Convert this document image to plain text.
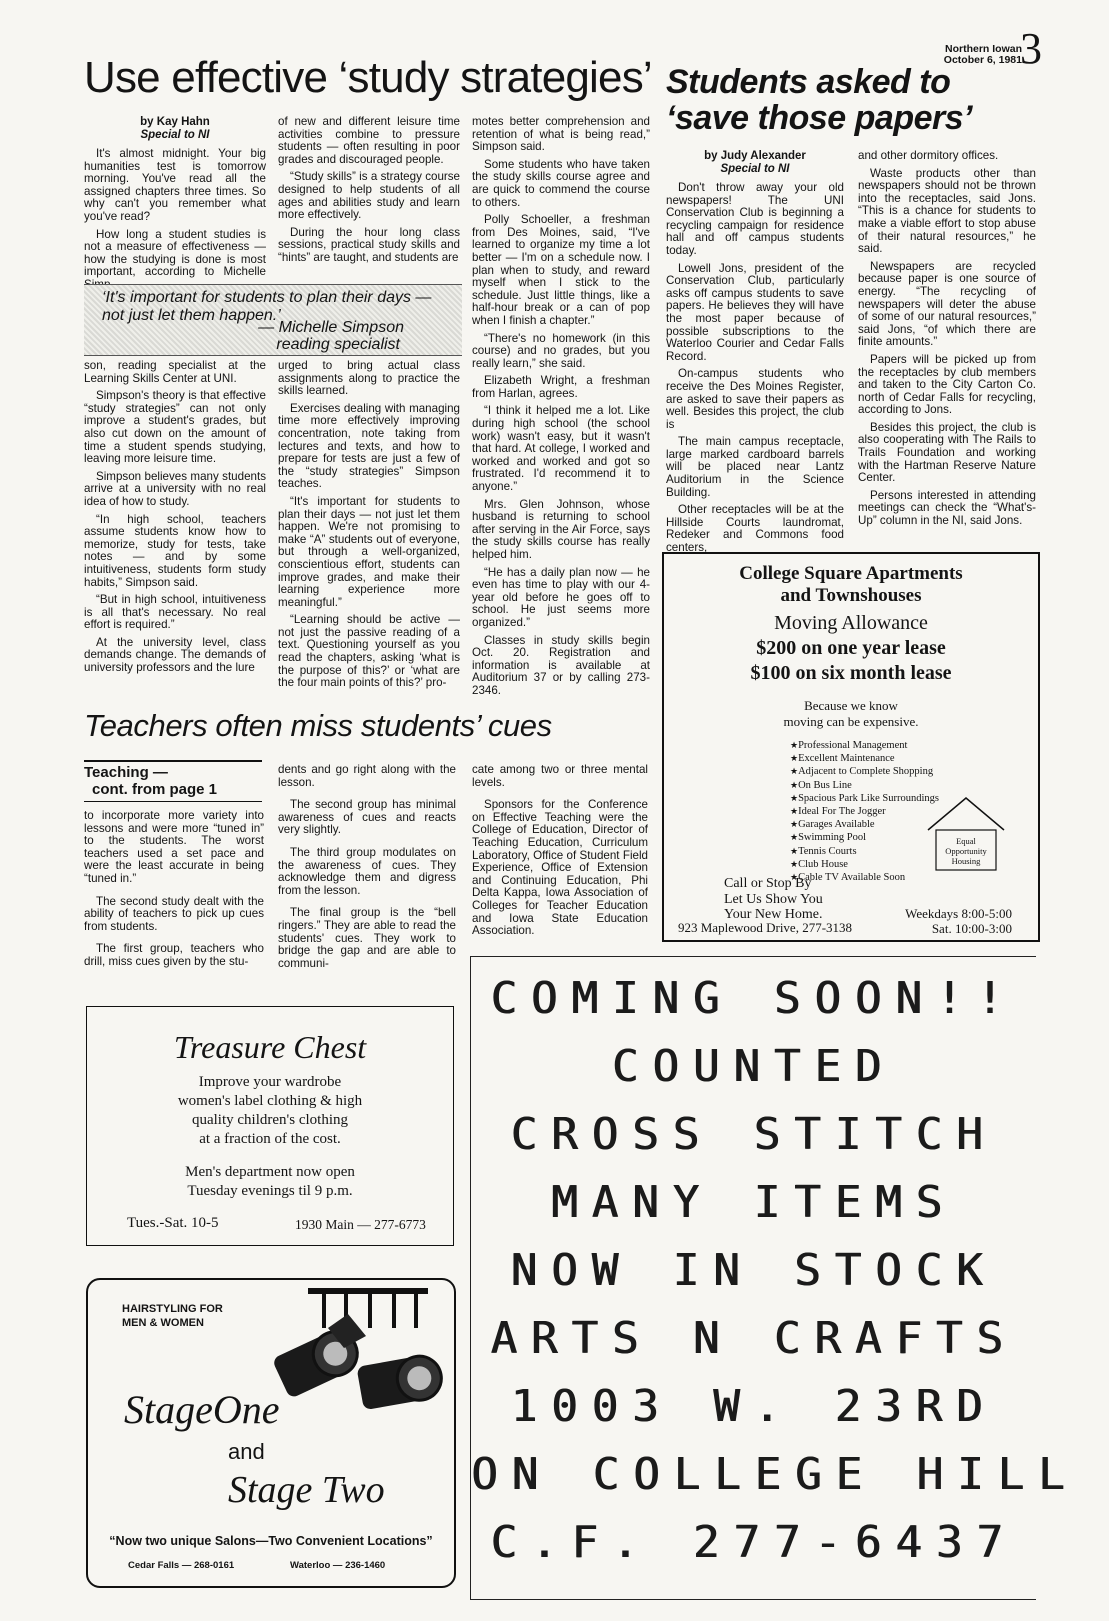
Northern Iowan
October 6, 1981
3
Use effective ‘study strategies’
by Kay Hahn
Special to NI

It's almost midnight. Your big humanities test is tomorrow morning. You've read all the assigned chapters three times. So why can't you remember what you've read?

How long a student studies is not a measure of effectiveness — how the studying is done is most important, according to Michelle

of new and different leisure time activities combine to pressure students — often resulting in poor grades and discouraged people.

“Study skills” is a strategy course designed to help students of all ages and abilities study and learn more effectively.

During the hour long class sessions, practical study skills and “hints” are taught, and students are

‘It's important for students to plan their days — not just let them happen.’
— Michelle Simpson
reading specialist

son, reading specialist at the Learning Skills Center at UNI.

Simpson's theory is that effective “study strategies” can not only improve a student's grades, but also cut down on the amount of time a student spends studying, leaving more leisure time.

Simpson believes many students arrive at a university with no real idea of how to study.

“In high school, teachers assume students know how to memorize, study for tests, take notes — and by some intuitiveness, students form study habits,” Simpson said.

“But in high school, intuitiveness is all that's necessary. No real effort is required.”

At the university level, class demands change. The demands of university professors and the lure

urged to bring actual class assignments along to practice the skills learned.

Exercises dealing with managing time more effectively improving concentration, note taking from lectures and texts, and how to prepare for tests are just a few of the “study strategies” Simpson teaches.

“It's important for students to plan their days — not just let them happen. We're not promising to make “A” students out of everyone, but through a well-organized, conscientious effort, students can improve grades, and make their learning experience more meaningful.”

“Learning should be active — not just the passive reading of a text. Questioning yourself as you read the chapters, asking ‘what is the purpose of this?’ or ‘what are the four main points of this?’ pro-

motes better comprehension and retention of what is being read,” Simpson said.

Some students who have taken the study skills course agree and are quick to commend the course to others.

Polly Schoeller, a freshman from Des Moines, said, “I've learned to organize my time a lot better — I'm on a schedule now. I plan when to study, and reward myself when I stick to the schedule. Just little things, like a half-hour break or a can of pop when I finish a chapter.”

“There's no homework (in this course) and no grades, but you really learn,” she said.

Elizabeth Wright, a freshman from Harlan, agrees.

“I think it helped me a lot. Like during high school (the school work) wasn't easy, but it wasn't that hard. At college, I worked and worked and worked and got so frustrated. I'd recommend it to anyone.”

Mrs. Glen Johnson, whose husband is returning to school after serving in the Air Force, says the study skills course has really helped him.

“He has a daily plan now — he even has time to play with our 4-year old before he goes off to school. He just seems more organized.”

Classes in study skills begin Oct. 20. Registration and information is available at Auditorium 37 or by calling 273-2346.

Students asked to ‘save those papers’
by Judy Alexander
Special to NI

Don't throw away your old newspapers! The UNI Conservation Club is beginning a recycling campaign for residence hall and off campus students today.

Lowell Jons, president of the Conservation Club, particularly asks off campus students to save papers. He believes they will have the most paper because of possible subscriptions to the Waterloo Courier and Cedar Falls Record.

On-campus students who receive the Des Moines Register, are asked to save their papers as well. Besides this project, the club is

The main campus receptacle, large marked cardboard barrels will be placed near Lantz Auditorium in the Science Building.

Other receptacles will be at the Hillside Courts laundromat, Redeker and Commons food centers,

and other dormitory offices.

Waste products other than newspapers should not be thrown into the receptacles, said Jons. “This is a chance for students to make a viable effort to stop abuse of their natural resources,” he said.

Newspapers are recycled because paper is one source of energy. “The recycling of newspapers will deter the abuse of some of our natural resources,” said Jons, “of which there are finite amounts.”

Papers will be picked up from the receptacles by club members and taken to the City Carton Co. north of Cedar Falls for recycling, according to Jons.

Besides this project, the club is also cooperating with The Rails to Trails Foundation and working with the Hartman Reserve Nature Center.

Persons interested in attending meetings can check the “What's-Up” column in the NI, said Jons.

College Square Apartments
and Townshouses
Moving Allowance
$200 on one year lease
$100 on six month lease
Because we know
moving can be expensive.
★ Professional Management
★ Excellent Maintenance
★ Adjacent to Complete Shopping
★ On Bus Line
★ Spacious Park Like Surroundings
★ Ideal For The Jogger
★ Garages Available
★ Swimming Pool
★ Tennis Courts
★ Club House
★ Cable TV Available Soon
Equal
Opportunity
Housing
Call or Stop By
Let Us Show You
Your New Home.
923 Maplewood Drive, 277-3138
Weekdays 8:00-5:00
Sat. 10:00-3:00
Teachers often miss students’ cues
Teaching —
cont. from page 1

to incorporate more variety into lessons and were more “tuned in” to the students. The worst teachers used a set pace and were the least accurate in being “tuned in.”

The second study dealt with the ability of teachers to pick up cues from students.

The first group, teachers who drill, miss cues given by the stu-

dents and go right along with the lesson.

The second group has minimal awareness of cues and reacts very slightly.

The third group modulates on the awareness of cues. They acknowledge them and digress from the lesson.

The final group is the “bell ringers.” They are able to read the students' cues. They work to bridge the gap and are able to communi-

cate among two or three mental levels.

Sponsors for the Conference on Effective Teaching were the College of Education, Director of Teaching Education, Curriculum Laboratory, Office of Student Field Experience, Office of Extension and Continuing Education, Phi Delta Kappa, Iowa Association of Colleges for Teacher Education and Iowa State Education Association.

Treasure Chest
Improve your wardrobe
women's label clothing & high
quality children's clothing
at a fraction of the cost.
Men's department now open
Tuesday evenings til 9 p.m.
Tues.-Sat. 10-5	1930 Main — 277-6773
HAIRSTYLING FOR
MEN & WOMEN
StageOne
and
Stage Two
“Now two unique Salons—Two Convenient Locations”
Cedar Falls — 268-0161	Waterloo — 236-1460
COMING SOON!!
COUNTED
CROSS STITCH
MANY ITEMS
NOW IN STOCK
ARTS N CRAFTS
1003 W. 23RD
ON COLLEGE HILL
C.F. 277-6437
